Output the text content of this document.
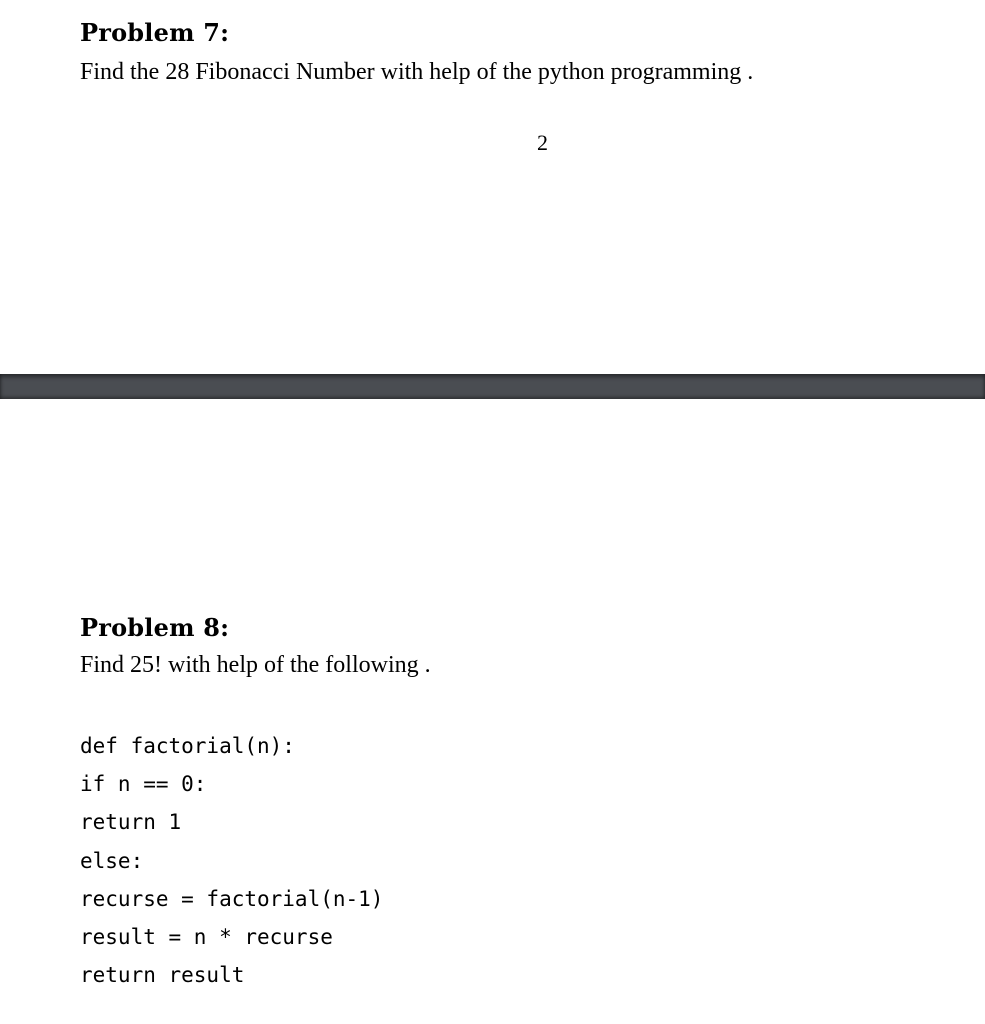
Problem 7:
Find the 28 Fibonacci Number with help of the python programming .
2
Problem 8:
Find 25! with help of the following .
def factorial(n):
if n == 0:
return 1
else:
recurse = factorial(n-1)
result = n * recurse
return result
